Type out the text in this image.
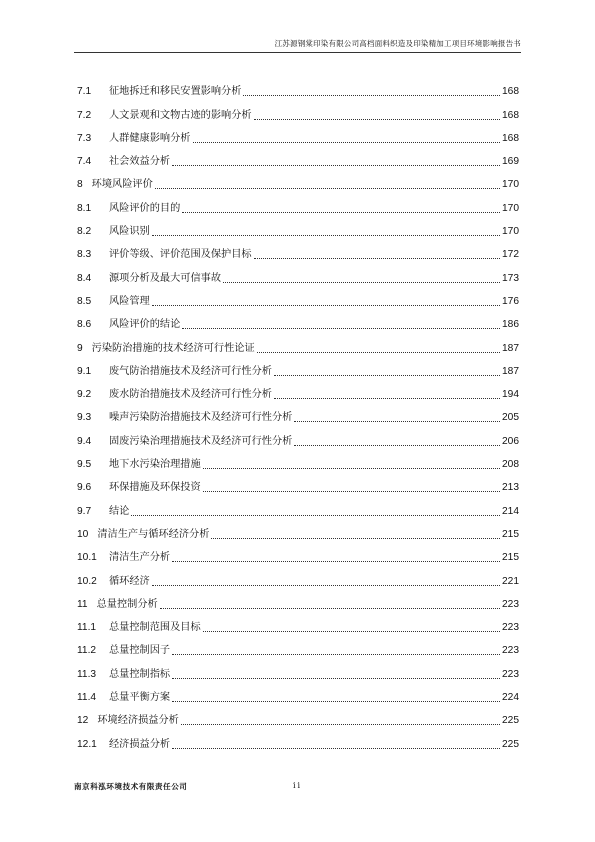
江苏源钢棠印染有限公司高档面料织造及印染精加工项目环境影响报告书
7.1	征地拆迁和移民安置影响分析	168
7.2	人文景观和文物古迹的影响分析	168
7.3	人群健康影响分析	168
7.4	社会效益分析	169
8 环境风险评价	170
8.1	风险评价的目的	170
8.2	风险识别	170
8.3	评价等级、评价范围及保护目标	172
8.4	源项分析及最大可信事故	173
8.5	风险管理	176
8.6	风险评价的结论	186
9 污染防治措施的技术经济可行性论证	187
9.1	废气防治措施技术及经济可行性分析	187
9.2	废水防治措施技术及经济可行性分析	194
9.3	噪声污染防治措施技术及经济可行性分析	205
9.4	固废污染治理措施技术及经济可行性分析	206
9.5	地下水污染治理措施	208
9.6	环保措施及环保投资	213
9.7	结论	214
10 清洁生产与循环经济分析	215
10.1	清洁生产分析	215
10.2	循环经济	221
11 总量控制分析	223
11.1	总量控制范围及目标	223
11.2	总量控制因子	223
11.3	总量控制指标	223
11.4	总量平衡方案	224
12 环境经济损益分析	225
12.1	经济损益分析	225
南京科泓环境技术有限责任公司	ii
